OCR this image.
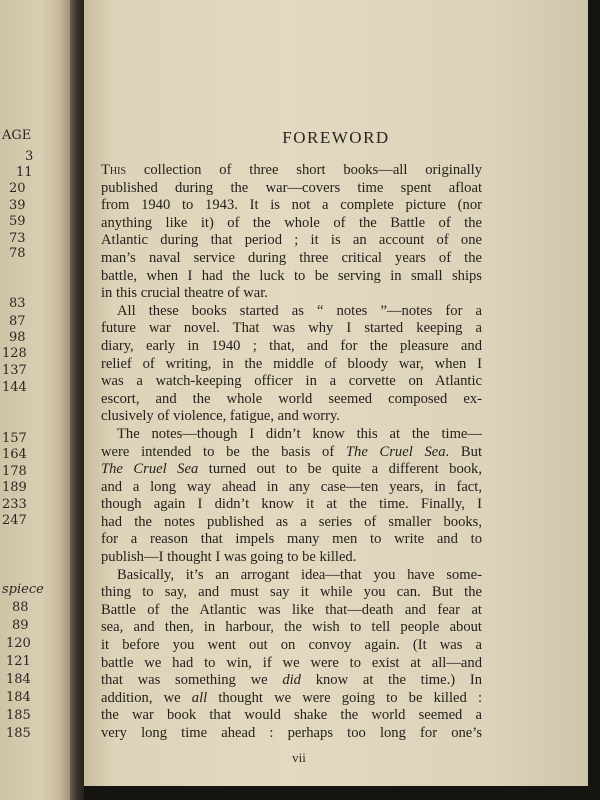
AGE
3
11
20
39
59
73
78
83
87
98
128
137
144
157
164
178
189
233
247
spiece
88
89
120
121
184
184
185
185
FOREWORD
This collection of three short books—all originally
published during the war—covers time spent afloat
from 1940 to 1943. It is not a complete picture (nor
anything like it) of the whole of the Battle of the
Atlantic during that period ; it is an account of one
man’s naval service during three critical years of the
battle, when I had the luck to be serving in small ships
in this crucial theatre of war.
All these books started as “ notes ”—notes for a
future war novel. That was why I started keeping a
diary, early in 1940 ; that, and for the pleasure and
relief of writing, in the middle of bloody war, when I
was a watch-keeping officer in a corvette on Atlantic
escort, and the whole world seemed composed ex-
clusively of violence, fatigue, and worry.
The notes—though I didn’t know this at the time—
were intended to be the basis of The Cruel Sea. But
The Cruel Sea turned out to be quite a different book,
and a long way ahead in any case—ten years, in fact,
though again I didn’t know it at the time. Finally, I
had the notes published as a series of smaller books,
for a reason that impels many men to write and to
publish—I thought I was going to be killed.
Basically, it’s an arrogant idea—that you have some-
thing to say, and must say it while you can. But the
Battle of the Atlantic was like that—death and fear at
sea, and then, in harbour, the wish to tell people about
it before you went out on convoy again. (It was a
battle we had to win, if we were to exist at all—and
that was something we did know at the time.) In
addition, we all thought we were going to be killed :
the war book that would shake the world seemed a
very long time ahead : perhaps too long for one’s
vii
